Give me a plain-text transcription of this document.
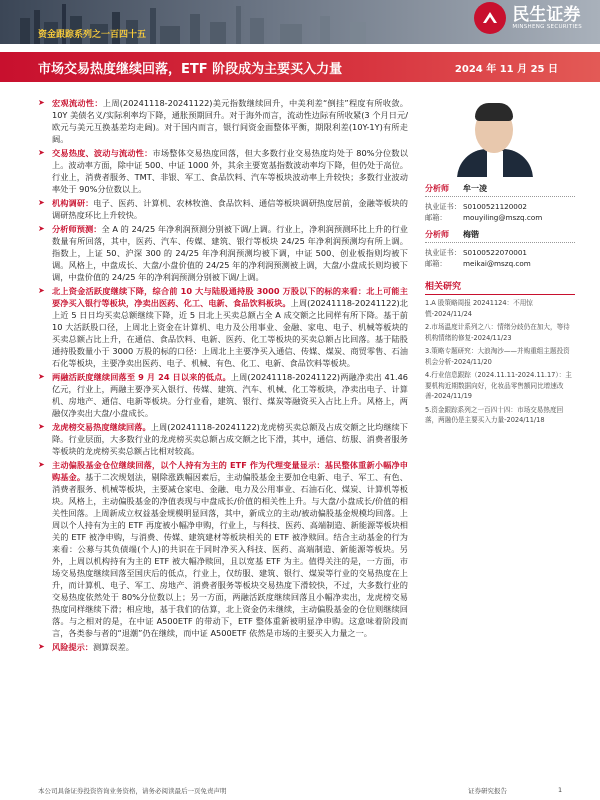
资金跟踪系列之一百四十五
民生证券
MINSHENG SECURITIES
市场交易热度继续回落，ETF 阶段成为主要买入力量	2024 年 11 月 25 日
➤ 宏观流动性：上周(20241118-20241122)美元指数继续回升，中美利差“倒挂”程度有所收敛。10Y 美债名义/实际利率均下降，通胀预期回升。对于海外而言，流动性边际有所收紧(3 个月日元/欧元与美元互换基差均走阔)。对于国内而言，银行间资金面整体平衡，期限利差(10Y-1Y)有所走阔。

➤ 交易热度、波动与流动性：市场整体交易热度回落，但大多数行业交易热度均处于 80%分位数以上。波动率方面，除中证 500、中证 1000 外，其余主要宽基指数波动率均下降，但仍处于高位。行业上，消费者服务、TMT、非银、军工、食品饮料、汽车等板块波动率上升较快；多数行业波动率处于 90%分位数以上。

➤ 机构调研：电子、医药、计算机、农林牧渔、食品饮料、通信等板块调研热度居前，金融等板块的调研热度环比上升较快。

➤ 分析师预测：全 A 的 24/25 年净利润预测分别被下调/上调。行业上，净利润预测环比上升的行业数量有所回落，其中，医药、汽车、传媒、建筑、银行等板块 24/25 年净利润预测均有所上调。指数上，上证 50、沪深 300 的 24/25 年净利润预测均被下调，中证 500、创业板指则均被下调。风格上，中盘成长、大盘/小盘价值的 24/25 年的净利润预测被上调，大盘/小盘成长则均被下调，中盘价值的 24/25 年的净利润预测分别被下调/上调。

➤ 北上资金活跃度继续下降，综合前 10 大与陆股通持股 3000 万股以下的标的来看：北上可能主要净买入银行等板块，净卖出医药、化工、电新、食品饮料板块。上周(20241118-20241122)北上近 5 日日均买卖总额继续下降，近 5 日北上买卖总额占全 A 成交额之比同样有所下降。基于前 10 大活跃股口径，上周北上资金在计算机、电力及公用事业、金融、家电、电子、机械等板块的买卖总额占比上升，在通信、食品饮料、电新、医药、化工等板块的买卖总额占比回落。基于陆股通持股数量小于 3000 万股的标的口径：上周北上主要净买入通信、传媒、煤炭、商贸零售、石油石化等板块，主要净卖出医药、电子、机械、有色、化工、电新、食品饮料等板块。

➤ 两融活跃度继续回落至 9 月 24 日以来的低点。上周(20241118-20241122)两融净卖出 41.46 亿元，行业上，两融主要净买入银行、传媒、建筑、汽车、机械、化工等板块，净卖出电子、计算机、房地产、通信、电新等板块。分行业看，建筑、银行、煤炭等融资买入占比上升。风格上，两融仅净卖出大盘/小盘成长。

➤ 龙虎榜交易热度继续回落。上周(20241118-20241122)龙虎榜买卖总额及占成交额之比均继续下降。行业层面，大多数行业的龙虎榜买卖总额占成交额之比下滑，其中，通信、纺服、消费者服务等板块的龙虎榜买卖总额占比相对较高。

➤ 主动偏股基金仓位继续回落，以个人持有为主的 ETF 作为代理变量显示：基民整体重新小幅净申购基金。基于二次规划法，剔除涨跌幅因素后，主动偏股基金主要加仓电新、电子、军工、有色、消费者服务、机械等板块，主要减仓家电、金融、电力及公用事业、石油石化、煤炭、计算机等板块。风格上，主动偏股基金的净值表现与中盘成长/价值的相关性上升。与大盘/小盘成长/价值的相关性回落。上周新成立权益基金规模明显回落，其中，新成立的主动/被动偏股基金规模均回落。上周以个人持有为主的 ETF 再度被小幅净申购，行业上，与科技、医药、高端制造、新能源等板块相关的 ETF 被净申购，与消费、传媒、建筑建材等板块相关的 ETF 被净赎回。结合主动基金的行为来看：公募与其负债端(个人)的共识在于同时净买入科技、医药、高端制造、新能源等板块。另外，上周以机构持有为主的 ETF 被大幅净赎回，且以宽基 ETF 为主。值得关注的是，一方面，市场交易热度继续回落至国庆后的低点，行业上，仅纺服、建筑、银行、煤炭等行业的交易热度在上升，而计算机、电子、军工、房地产、消费者服务等板块交易热度下滑较快，不过，大多数行业的交易热度依然处于 80%分位数以上；另一方面，两融活跃度继续回落且小幅净卖出，龙虎榜交易热度同样继续下滑；相应地，基于我们的估算，北上资金仍未继续，主动偏股基金的仓位则继续回落。与之相对的是，在中证 A500ETF 的带动下，ETF 整体重新被明显净申购。这意味着阶段而言，各类参与者的“退潮”仍在继续，而中证 A500ETF 依然是市场的主要买入力量之一。

➤ 风险提示：测算误差。

分析师	牟一凌
执业证书： S0100521120002
邮箱：	mouyiling@mszq.com
分析师	梅锴
执业证书： S0100522070001
邮箱：	meikai@mszq.com
相关研究
1.A 股策略周报 20241124：不用惊慌-2024/11/24
2.市场温度计系列之八：情绪分歧仍在加大，等待机构情绪的修复-2024/11/23
3.策略专题研究：大浪淘沙——并购重组主题投资机会分析-2024/11/20
4.行业信息跟踪（2024.11.11-2024.11.17）：主要机构近期数据向好，化妆品零售额同比增速改善-2024/11/19
5.资金跟踪系列之一百四十四：市场交易热度回落，两融仍是主要买入力量-2024/11/18
本公司具备证券投资咨询业务资格，请务必阅读最后一页免责声明	证券研究报告	1
